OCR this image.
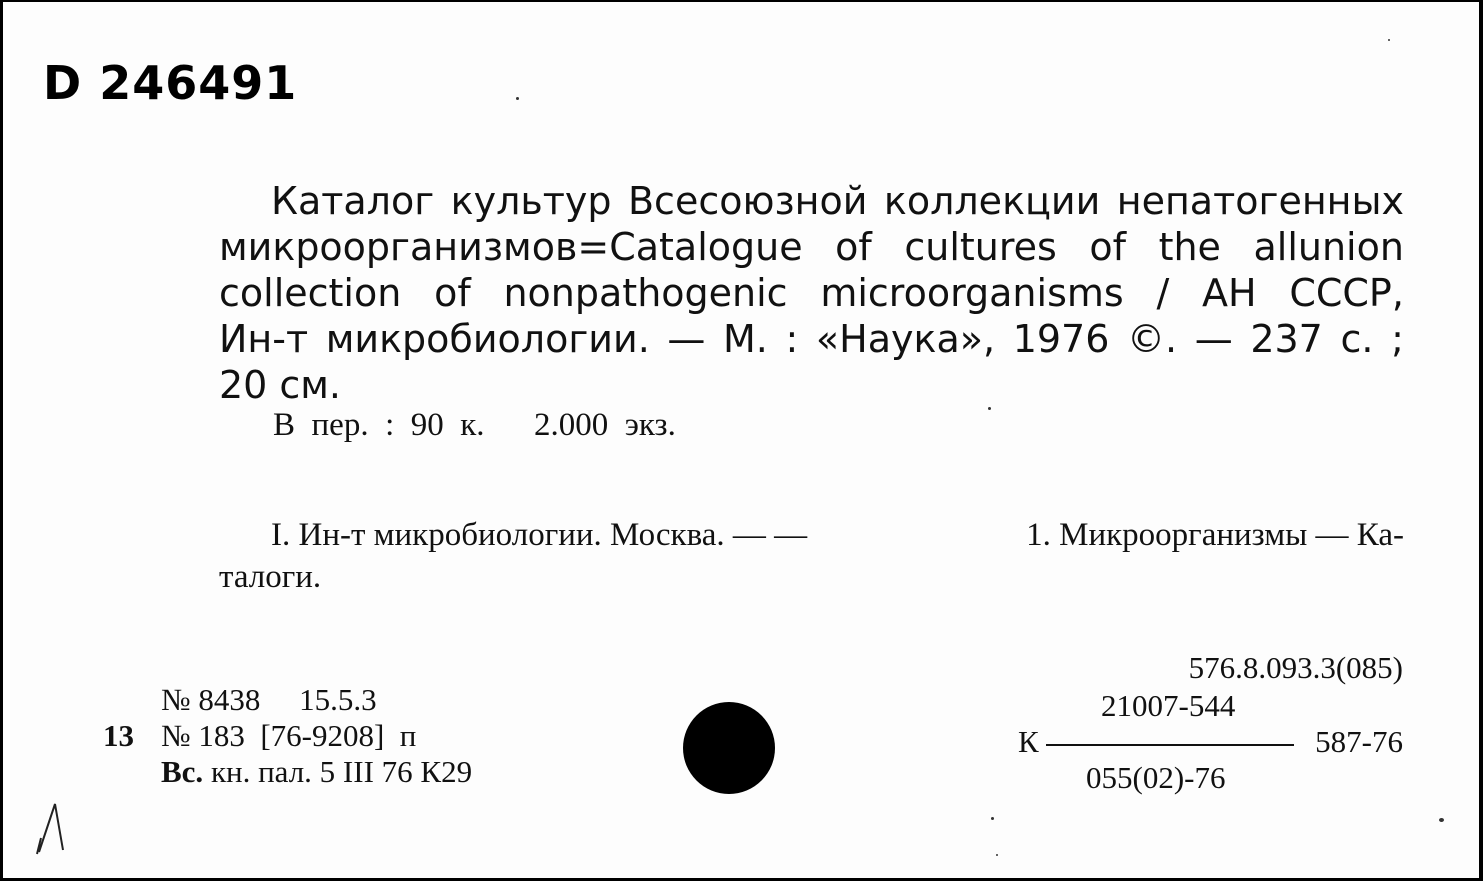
D 246491
Каталог культур Всесоюзной коллекции непатогенных
микроорганизмов=Catalogue of cultures of the allunion
collection of nonpathogenic microorganisms / АН СССР,
Ин-т микробиологии. — М. : «Наука», 1976 ©. — 237 с. ;
20 см.
В  пер.  :  90  к.      2.000  экз.
I. Ин-т микробиологии. Москва. — —	1. Микроорганизмы — Ка-
талоги.
№ 8438     15.5.3
13 № 183  [76-9208]  п
Вс. кн. пал. 5 III 76 К29
576.8.093.3(085)
21007-544
К	587-76
055(02)-76
